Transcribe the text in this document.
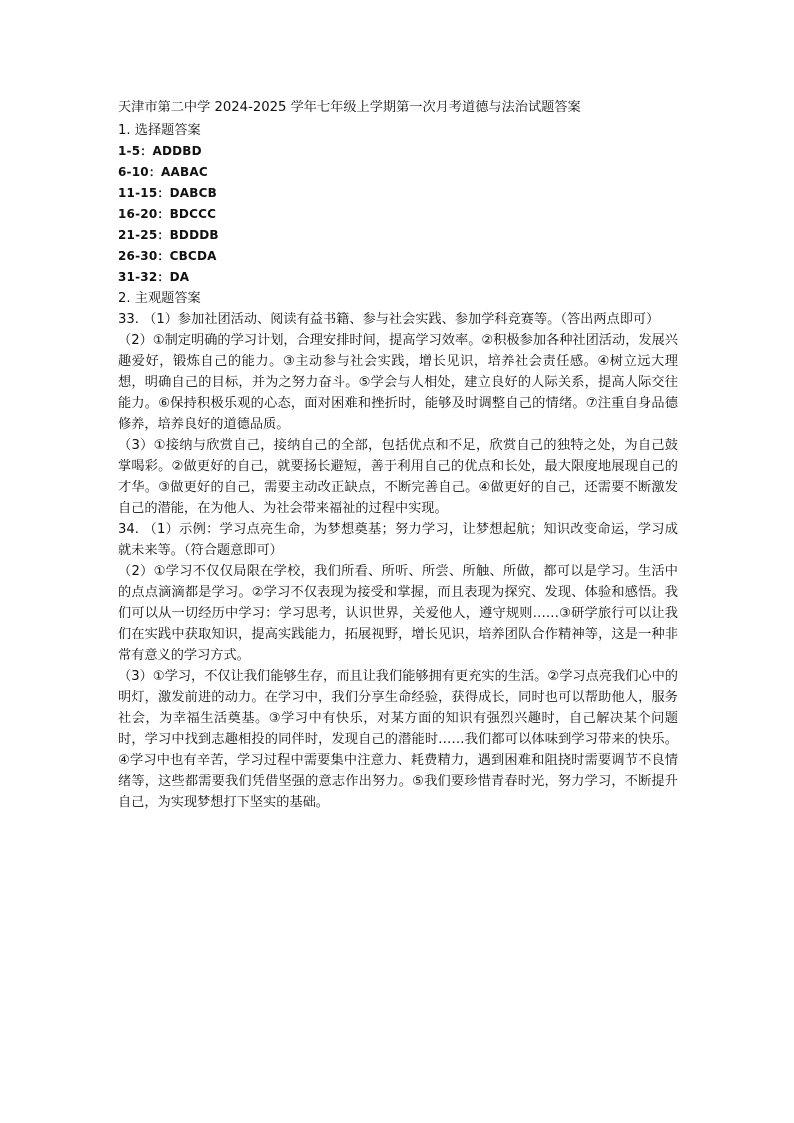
天津市第二中学 2024-2025 学年七年级上学期第一次月考道德与法治试题答案

1. 选择题答案

1-5：ADDBD

6-10：AABAC

11-15：DABCB

16-20：BDCCC

21-25：BDDDB

26-30：CBCDA

31-32：DA

2. 主观题答案

33. （1）参加社团活动、阅读有益书籍、参与社会实践、参加学科竞赛等。（答出两点即可）

（2）①制定明确的学习计划，合理安排时间，提高学习效率。②积极参加各种社团活动，发展兴趣爱好，锻炼自己的能力。③主动参与社会实践，增长见识，培养社会责任感。④树立远大理想，明确自己的目标，并为之努力奋斗。⑤学会与人相处，建立良好的人际关系，提高人际交往能力。⑥保持积极乐观的心态，面对困难和挫折时，能够及时调整自己的情绪。⑦注重自身品德修养，培养良好的道德品质。

（3）①接纳与欣赏自己，接纳自己的全部，包括优点和不足，欣赏自己的独特之处，为自己鼓掌喝彩。②做更好的自己，就要扬长避短，善于利用自己的优点和长处，最大限度地展现自己的才华。③做更好的自己，需要主动改正缺点，不断完善自己。④做更好的自己，还需要不断激发自己的潜能，在为他人、为社会带来福祉的过程中实现。

34. （1）示例：学习点亮生命，为梦想奠基；努力学习，让梦想起航；知识改变命运，学习成就未来等。（符合题意即可）

（2）①学习不仅仅局限在学校，我们所看、所听、所尝、所触、所做，都可以是学习。生活中的点点滴滴都是学习。②学习不仅表现为接受和掌握，而且表现为探究、发现、体验和感悟。我们可以从一切经历中学习：学习思考，认识世界，关爱他人，遵守规则……③研学旅行可以让我们在实践中获取知识，提高实践能力，拓展视野，增长见识，培养团队合作精神等，这是一种非常有意义的学习方式。

（3）①学习，不仅让我们能够生存，而且让我们能够拥有更充实的生活。②学习点亮我们心中的明灯，激发前进的动力。在学习中，我们分享生命经验，获得成长，同时也可以帮助他人，服务社会，为幸福生活奠基。③学习中有快乐，对某方面的知识有强烈兴趣时，自己解决某个问题时，学习中找到志趣相投的同伴时，发现自己的潜能时……我们都可以体味到学习带来的快乐。④学习中也有辛苦，学习过程中需要集中注意力、耗费精力，遇到困难和阻挠时需要调节不良情绪等，这些都需要我们凭借坚强的意志作出努力。⑤我们要珍惜青春时光，努力学习，不断提升自己，为实现梦想打下坚实的基础。
